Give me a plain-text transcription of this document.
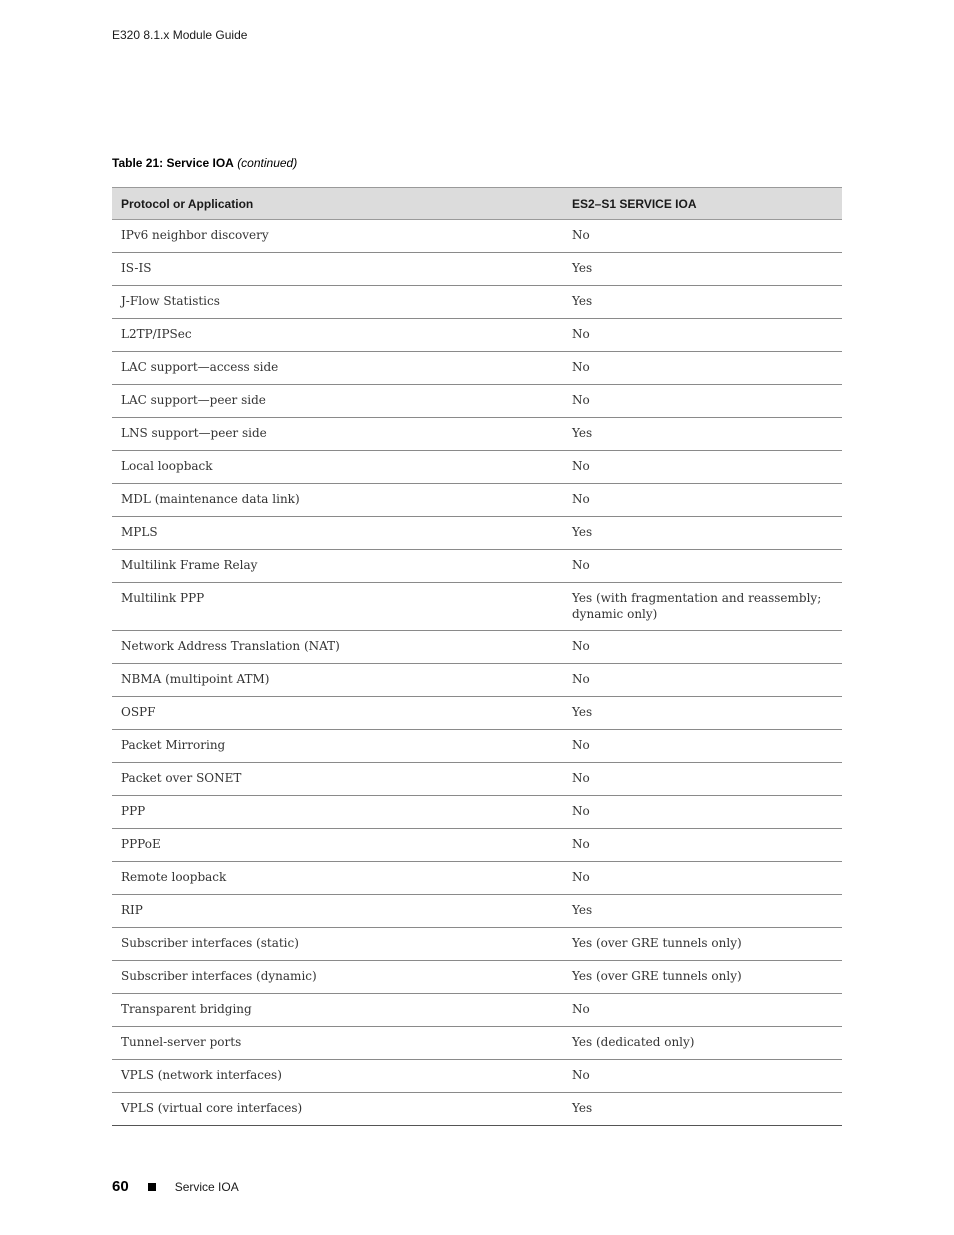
E320 8.1.x Module Guide
Table 21: Service IOA (continued)
Protocol or Application	ES2–S1 SERVICE IOA
IPv6 neighbor discovery	No
IS-IS	Yes
J-Flow Statistics	Yes
L2TP/IPSec	No
LAC support—access side	No
LAC support—peer side	No
LNS support—peer side	Yes
Local loopback	No
MDL (maintenance data link)	No
MPLS	Yes
Multilink Frame Relay	No
Multilink PPP	Yes (with fragmentation and reassembly; dynamic only)
Network Address Translation (NAT)	No
NBMA (multipoint ATM)	No
OSPF	Yes
Packet Mirroring	No
Packet over SONET	No
PPP	No
PPPoE	No
Remote loopback	No
RIP	Yes
Subscriber interfaces (static)	Yes (over GRE tunnels only)
Subscriber interfaces (dynamic)	Yes (over GRE tunnels only)
Transparent bridging	No
Tunnel-server ports	Yes (dedicated only)
VPLS (network interfaces)	No
VPLS (virtual core interfaces)	Yes
60	Service IOA
